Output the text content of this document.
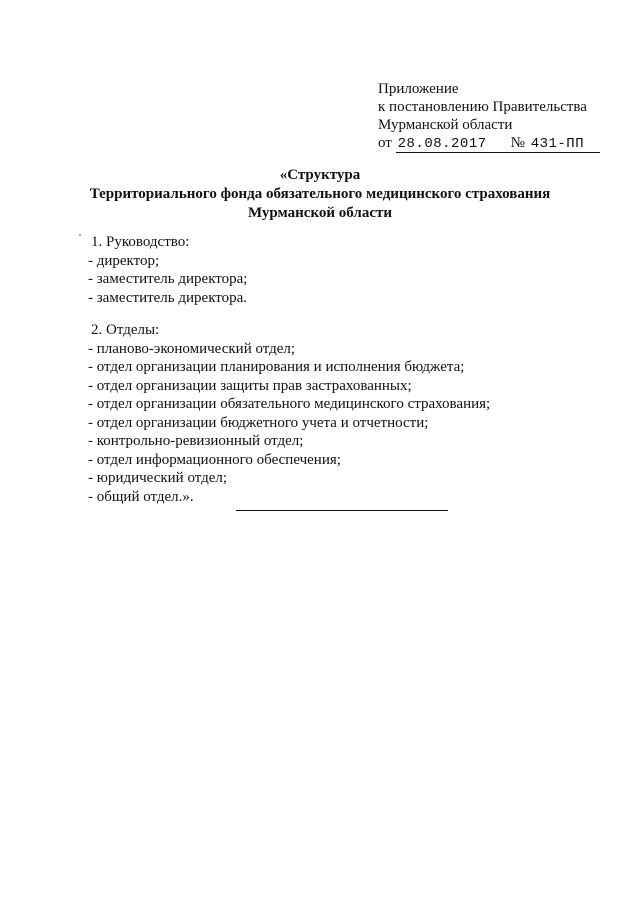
Приложение
к постановлению Правительства
Мурманской области
от 28.08.2017 № 431-ПП
«Структура
Территориального фонда обязательного медицинского страхования
Мурманской области
1. Руководство:
- директор;
- заместитель директора;
- заместитель директора.
2. Отделы:
- планово-экономический отдел;
- отдел организации планирования и исполнения бюджета;
- отдел организации защиты прав застрахованных;
- отдел организации обязательного медицинского страхования;
- отдел организации бюджетного учета и отчетности;
- контрольно-ревизионный отдел;
- отдел информационного обеспечения;
- юридический отдел;
- общий отдел.».
